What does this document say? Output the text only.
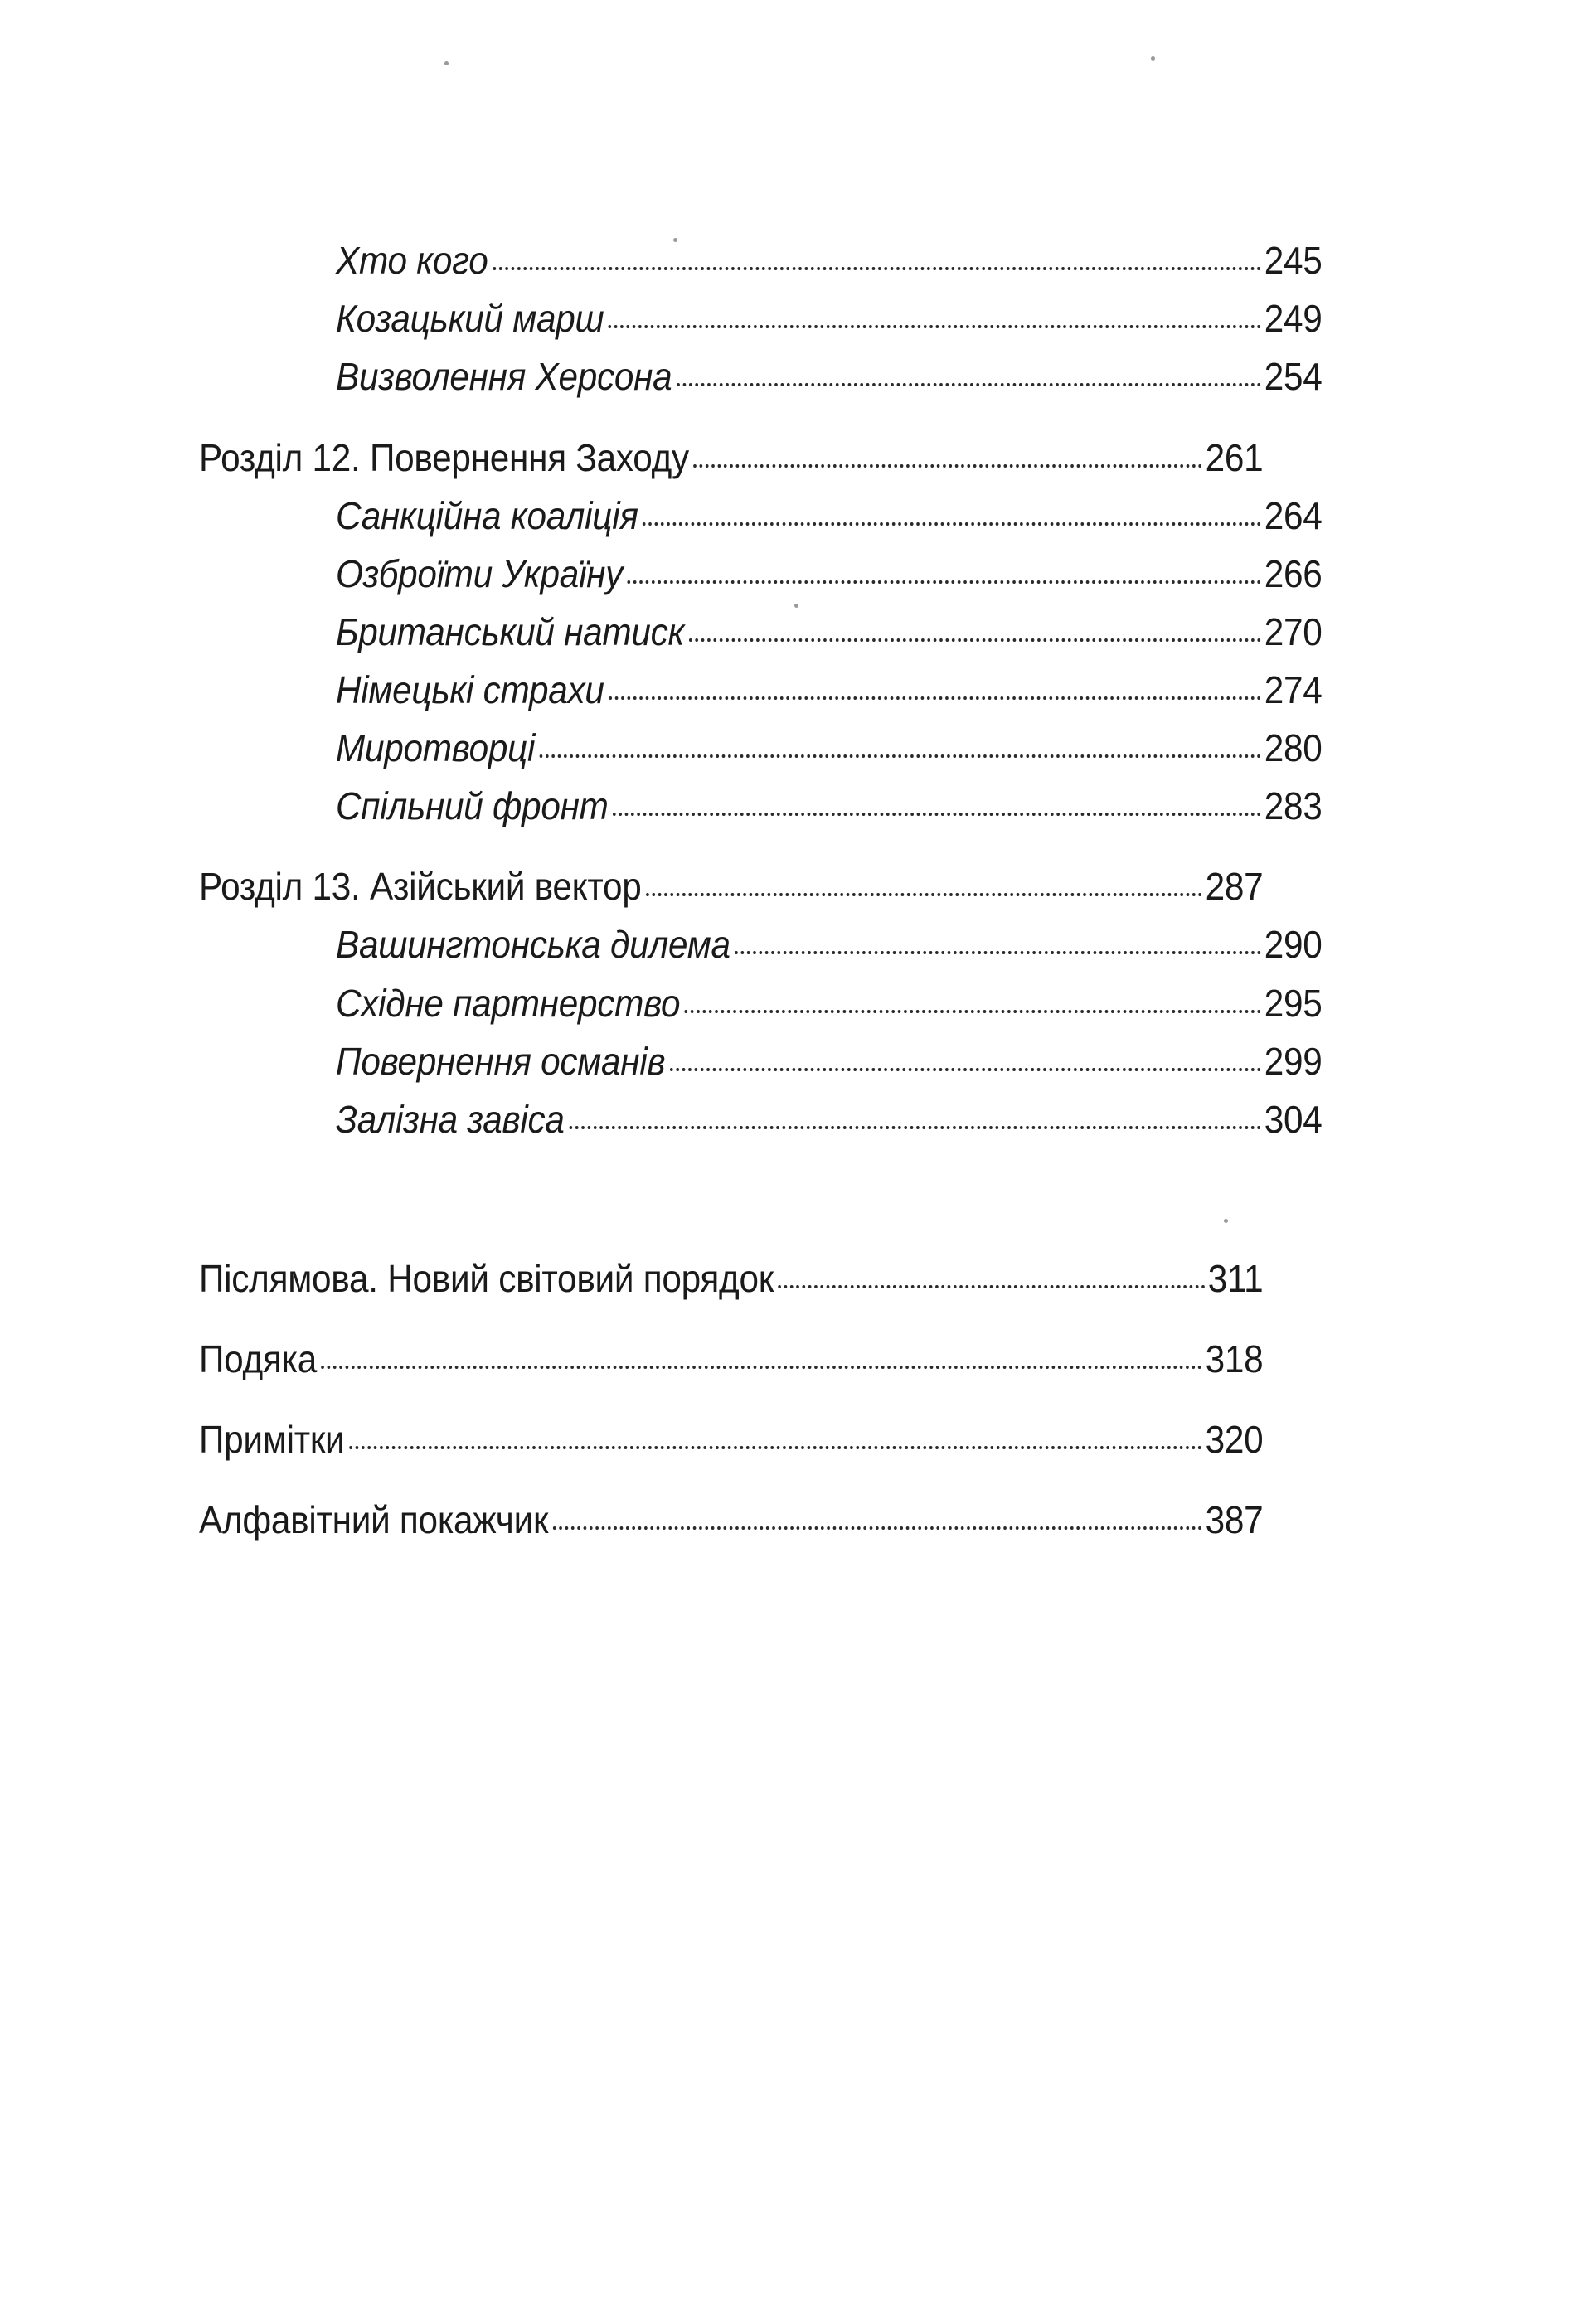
Хто кого	245
Козацький марш	249
Визволення Херсона	254
Розділ 12. Повернення Заходу	261
Санкційна коаліція	264
Озброїти Україну	266
Британський натиск	270
Німецькі страхи	274
Миротворці	280
Спільний фронт	283
Розділ 13. Азійський вектор	287
Вашингтонська дилема	290
Східне партнерство	295
Повернення османів	299
Залізна завіса	304
Післямова. Новий світовий порядок	311
Подяка	318
Примітки	320
Алфавітний покажчик	387
